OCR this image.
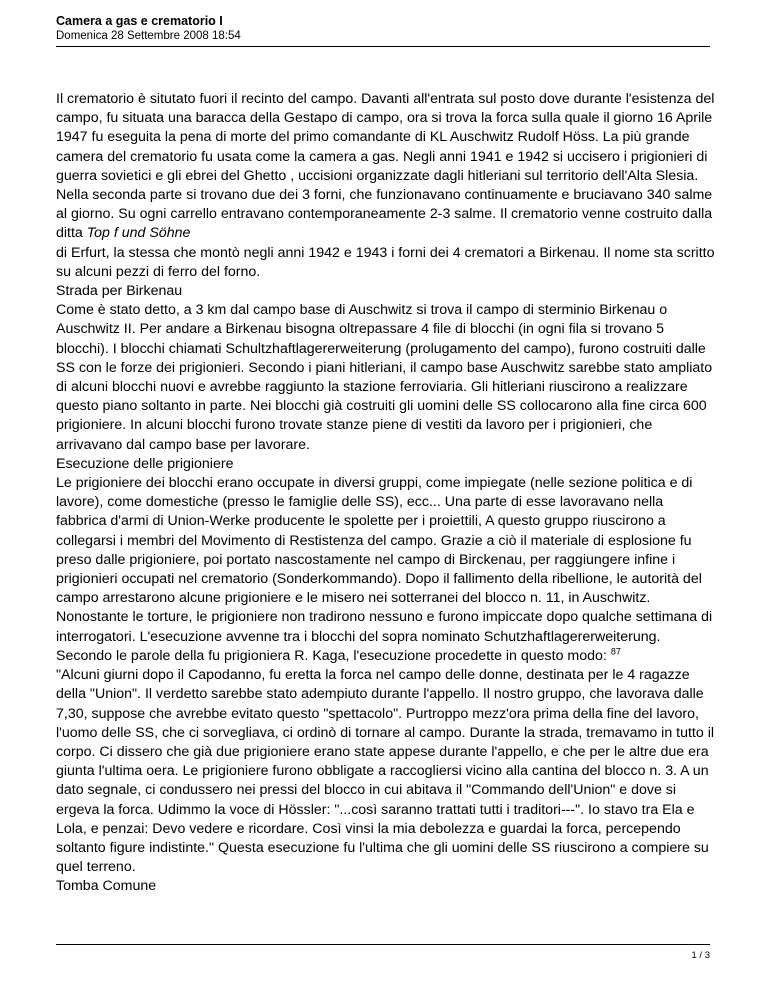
Camera a gas e crematorio I

Domenica 28 Settembre 2008 18:54

Il crematorio è situtato fuori il recinto del campo. Davanti all'entrata sul posto dove durante l'esistenza del campo, fu situata una baracca della Gestapo di campo, ora si trova la forca sulla quale il giorno 16 Aprile 1947 fu eseguita la pena di morte del primo comandante di KL Auschwitz Rudolf Höss. La più grande camera del crematorio fu usata come la camera a gas. Negli anni 1941 e 1942 si uccisero i prigionieri di guerra sovietici e gli ebrei del Ghetto , uccisioni organizzate dagli hitleriani sul territorio dell'Alta Slesia. Nella seconda parte si trovano due dei 3 forni, che funzionavano continuamente e bruciavano 340 salme al giorno. Su ogni carrello entravano contemporaneamente 2-3 salme. Il crematorio venne costruito dalla ditta Top f und Söhne

di Erfurt, la stessa che montò negli anni 1942 e 1943 i forni dei 4 crematori a Birkenau. Il nome sta scritto su alcuni pezzi di ferro del forno.

Strada per Birkenau

Come è stato detto, a 3 km dal campo base di Auschwitz si trova il campo di sterminio Birkenau o Auschwitz II. Per andare a Birkenau bisogna oltrepassare 4 file di blocchi (in ogni fila si trovano 5 blocchi). I blocchi chiamati Schultzhaftlagererweiterung (prolugamento del campo), furono costruiti dalle SS con le forze dei prigionieri. Secondo i piani hitleriani, il campo base Auschwitz sarebbe stato ampliato di alcuni blocchi nuovi e avrebbe raggiunto la stazione ferroviaria. Gli hitleriani riuscirono a realizzare questo piano soltanto in parte. Nei blocchi già costruiti gli uomini delle SS collocarono alla fine circa 600 prigioniere. In alcuni blocchi furono trovate stanze piene di vestiti da lavoro per i prigionieri, che arrivavano dal campo base per lavorare.

Esecuzione delle prigioniere

Le prigioniere dei blocchi erano occupate in diversi gruppi, come impiegate (nelle sezione politica e di lavore), come domestiche (presso le famiglie delle SS), ecc... Una parte di esse lavoravano nella fabbrica d'armi di Union-Werke producente le spolette per i proiettili, A questo gruppo riuscirono a collegarsi i membri del Movimento di Restistenza del campo. Grazie a ciò il materiale di esplosione fu preso dalle prigioniere, poi portato nascostamente nel campo di Birckenau, per raggiungere infine i prigionieri occupati nel crematorio (Sonderkommando). Dopo il fallimento della ribellione, le autorità del campo arrestarono alcune prigioniere e le misero nei sotterranei del blocco n. 11, in Auschwitz. Nonostante le torture, le prigioniere non tradirono nessuno e furono impiccate dopo qualche settimana di interrogatori. L'esecuzione avvenne tra i blocchi del sopra nominato Schutzhaftlagererweiterung. Secondo le parole della fu prigioniera R. Kaga, l'esecuzione procedette in questo modo: $^{87}$

"Alcuni giurni dopo il Capodanno, fu eretta la forca nel campo delle donne, destinata per le 4 ragazze della "Union". Il verdetto sarebbe stato adempiuto durante l'appello. Il nostro gruppo, che lavorava dalle 7,30, suppose che avrebbe evitato questo "spettacolo". Purtroppo mezz'ora prima della fine del lavoro, l'uomo delle SS, che ci sorvegliava, ci ordinò di tornare al campo. Durante la strada, tremavamo in tutto il corpo. Ci dissero che già due prigioniere erano state appese durante l'appello, e che per le altre due era giunta l'ultima oera. Le prigioniere furono obbligate a raccogliersi vicino alla cantina del blocco n. 3. A un dato segnale, ci condussero nei pressi del blocco in cui abitava il "Commando dell'Union" e dove si ergeva la forca. Udimmo la voce di Hössler: "...così saranno trattati tutti i traditori---". Io stavo tra Ela e Lola, e penzai: Devo vedere e ricordare. Così vinsi la mia debolezza e guardai la forca, percependo soltanto figure indistinte." Questa esecuzione fu l'ultima che gli uomini delle SS riuscirono a compiere su quel terreno.

Tomba Comune

1 / 3
